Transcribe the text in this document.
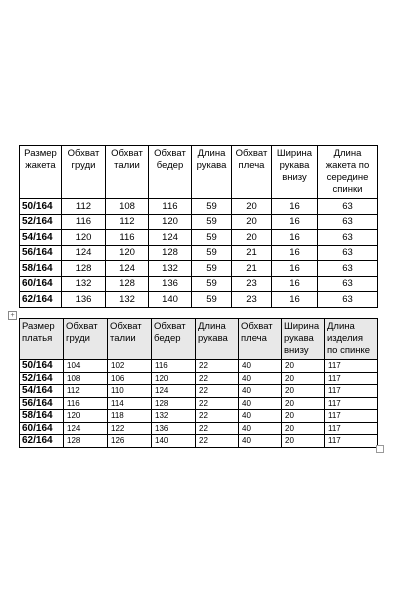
Размер жакета	Обхват груди	Обхват талии	Обхват бедер	Длина рукава	Обхват плеча	Ширина рукава внизу	Длина жакета по середине спинки
50/164	112	108	116	59	20	16	63
52/164	116	112	120	59	20	16	63
54/164	120	116	124	59	20	16	63
56/164	124	120	128	59	21	16	63
58/164	128	124	132	59	21	16	63
60/164	132	128	136	59	23	16	63
62/164	136	132	140	59	23	16	63
+
Размер платья	Обхват груди	Обхват талии	Обхват бедер	Длина рукава	Обхват плеча	Ширина рукава внизу	Длина изделия по спинке
50/164	104	102	116	22	40	20	117
52/164	108	106	120	22	40	20	117
54/164	112	110	124	22	40	20	117
56/164	116	114	128	22	40	20	117
58/164	120	118	132	22	40	20	117
60/164	124	122	136	22	40	20	117
62/164	128	126	140	22	40	20	117
